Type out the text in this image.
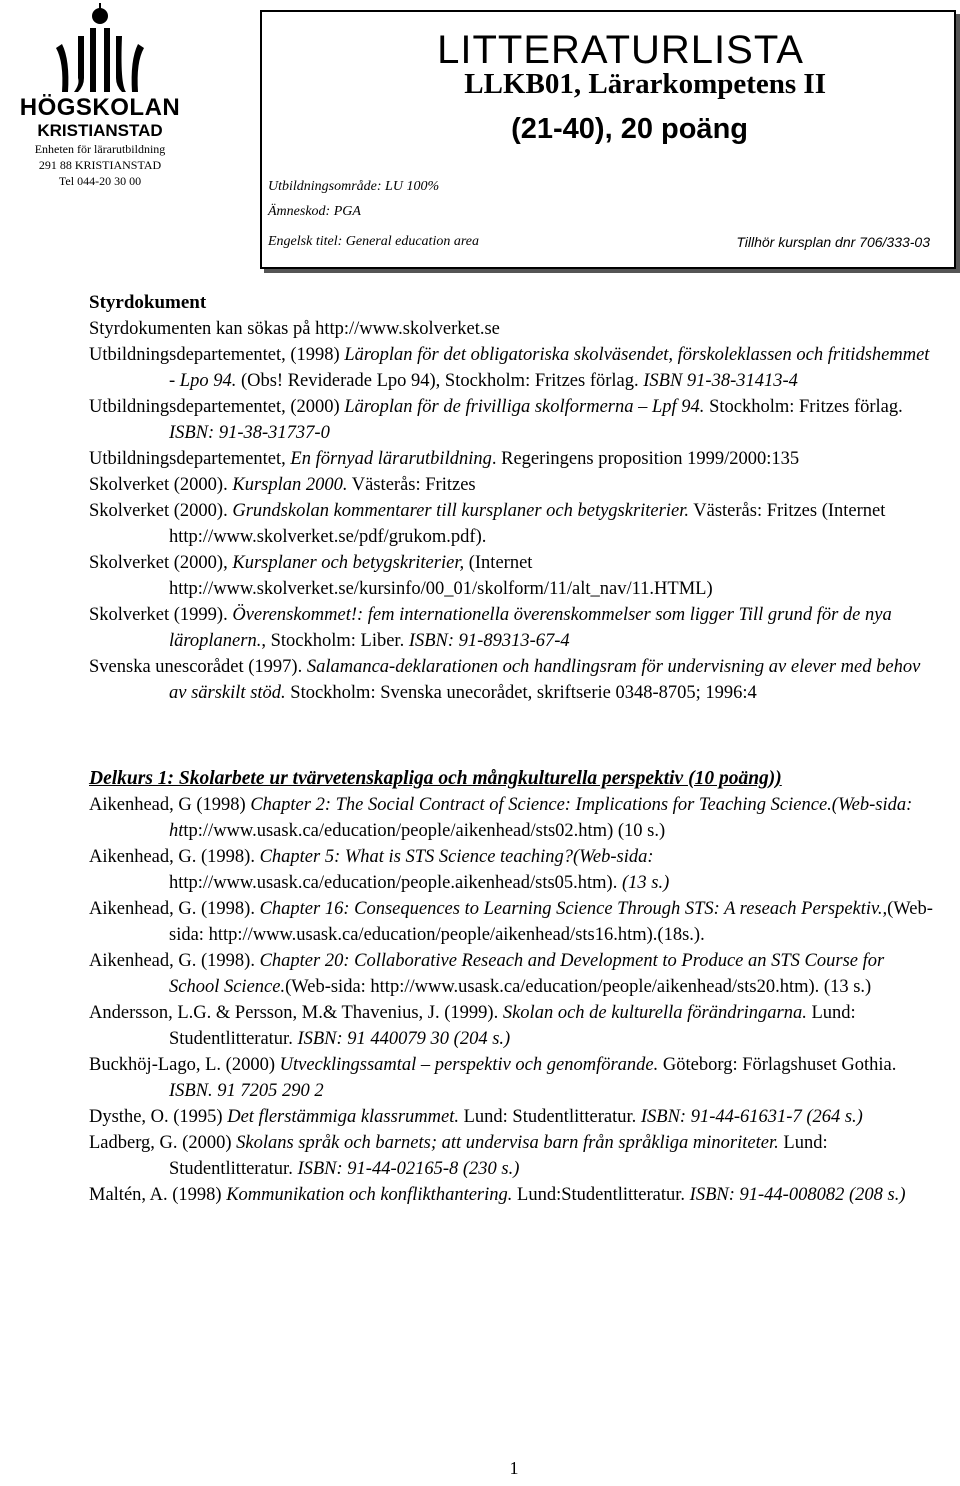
HÖGSKOLAN
KRISTIANSTAD
Enheten för lärarutbildning
291 88 KRISTIANSTAD
Tel 044-20 30 00
LITTERATURLISTA
LLKB01, Lärarkompetens II
(21-40), 20 poäng
Utbildningsområde: LU 100%
Ämneskod: PGA
Engelsk titel: General education area	Tillhör kursplan dnr 706/333-03
Styrdokument
Styrdokumenten kan sökas på http://www.skolverket.se
Utbildningsdepartementet, (1998) Läroplan för det obligatoriska skolväsendet, förskoleklassen och fritidshemmet - Lpo 94. (Obs! Reviderade Lpo 94), Stockholm: Fritzes förlag. ISBN 91-38-31413-4
Utbildningsdepartementet, (2000) Läroplan för de frivilliga skolformerna – Lpf 94. Stockholm: Fritzes förlag. ISBN: 91-38-31737-0
Utbildningsdepartementet, En förnyad lärarutbildning. Regeringens proposition 1999/2000:135
Skolverket (2000). Kursplan 2000. Västerås: Fritzes
Skolverket (2000). Grundskolan kommentarer till kursplaner och betygskriterier. Västerås: Fritzes (Internet http://www.skolverket.se/pdf/grukom.pdf).
Skolverket (2000), Kursplaner och betygskriterier, (Internet http://www.skolverket.se/kursinfo/00_01/skolform/11/alt_nav/11.HTML)
Skolverket (1999). Överenskommet!: fem internationella överenskommelser som ligger Till grund för de nya läroplanern., Stockholm: Liber. ISBN: 91-89313-67-4
Svenska unescorådet (1997). Salamanca-deklarationen och handlingsram för undervisning av elever med behov av särskilt stöd. Stockholm: Svenska unecorådet, skriftserie 0348-8705; 1996:4
Delkurs 1: Skolarbete ur tvärvetenskapliga och mångkulturella perspektiv (10 poäng))
Aikenhead, G (1998) Chapter 2: The Social Contract of Science: Implications for Teaching Science.(Web-sida: http://www.usask.ca/education/people/aikenhead/sts02.htm) (10 s.)
Aikenhead, G. (1998). Chapter 5: What is STS Science teaching?(Web-sida: http://www.usask.ca/education/people.aikenhead/sts05.htm). (13 s.)
Aikenhead, G. (1998). Chapter 16: Consequences to Learning Science Through STS: A reseach Perspektiv.,(Web-sida: http://www.usask.ca/education/people/aikenhead/sts16.htm).(18s.).
Aikenhead, G. (1998). Chapter 20: Collaborative Reseach and Development to Produce an STS Course for School Science.(Web-sida: http://www.usask.ca/education/people/aikenhead/sts20.htm). (13 s.)
Andersson, L.G. & Persson, M.& Thavenius, J. (1999). Skolan och de kulturella förändringarna. Lund: Studentlitteratur. ISBN: 91 440079 30 (204 s.)
Buckhöj-Lago, L. (2000) Utvecklingssamtal – perspektiv och genomförande. Göteborg: Förlagshuset Gothia. ISBN. 91 7205 290 2
Dysthe, O. (1995) Det flerstämmiga klassrummet. Lund: Studentlitteratur. ISBN: 91-44-61631-7 (264 s.)
Ladberg, G. (2000) Skolans språk och barnets; att undervisa barn från språkliga minoriteter. Lund: Studentlitteratur. ISBN: 91-44-02165-8 (230 s.)
Maltén, A. (1998) Kommunikation och konflikthantering. Lund:Studentlitteratur. ISBN: 91-44-008082 (208 s.)
1
